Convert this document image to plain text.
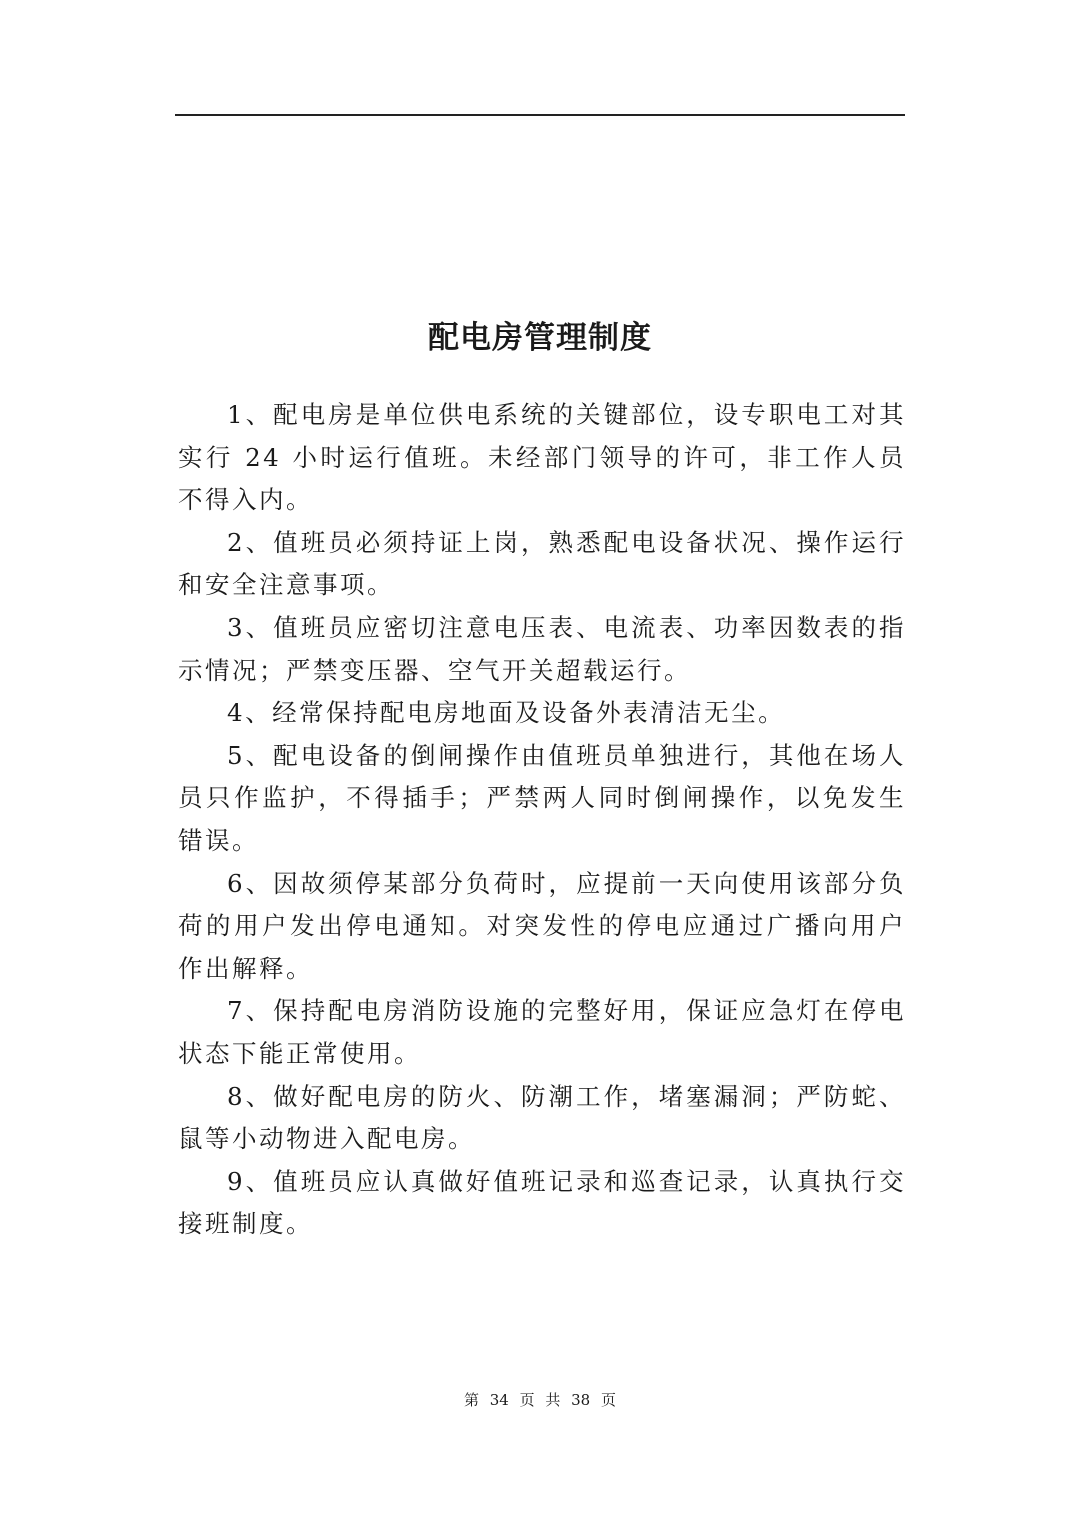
配电房管理制度
1、配电房是单位供电系统的关键部位，设专职电工对其实行 24 小时运行值班。未经部门领导的许可，非工作人员不得入内。
2、值班员必须持证上岗，熟悉配电设备状况、操作运行和安全注意事项。
3、值班员应密切注意电压表、电流表、功率因数表的指示情况；严禁变压器、空气开关超载运行。
4、经常保持配电房地面及设备外表清洁无尘。
5、配电设备的倒闸操作由值班员单独进行，其他在场人员只作监护，不得插手；严禁两人同时倒闸操作，以免发生错误。
6、因故须停某部分负荷时，应提前一天向使用该部分负荷的用户发出停电通知。对突发性的停电应通过广播向用户作出解释。
7、保持配电房消防设施的完整好用，保证应急灯在停电状态下能正常使用。
8、做好配电房的防火、防潮工作，堵塞漏洞；严防蛇、鼠等小动物进入配电房。
9、值班员应认真做好值班记录和巡查记录，认真执行交接班制度。
第 34 页 共 38 页
